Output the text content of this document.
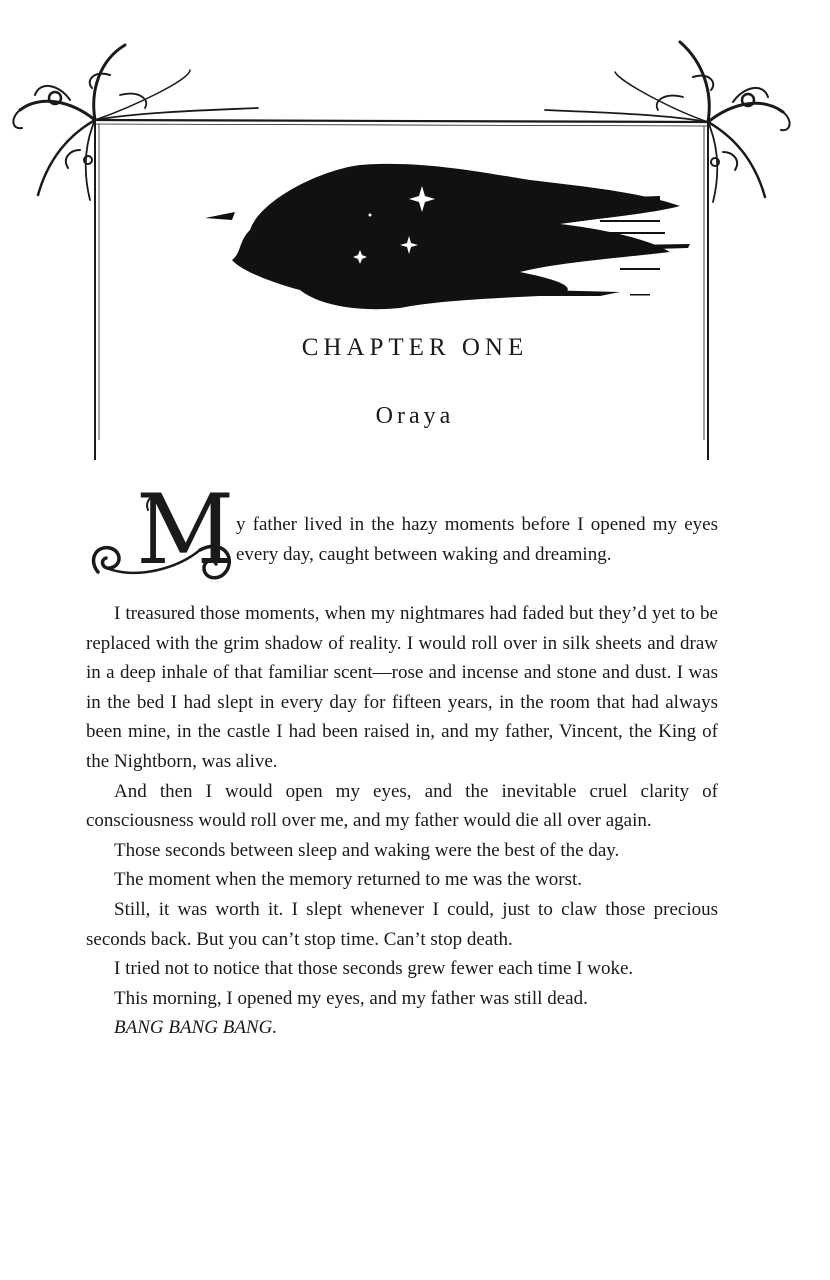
CHAPTER ONE
Oraya
M y father lived in the hazy moments before I opened my eyes every day, caught between waking and dreaming.

I treasured those moments, when my nightmares had faded but they’d yet to be replaced with the grim shadow of reality. I would roll over in silk sheets and draw in a deep inhale of that familiar scent—rose and incense and stone and dust. I was in the bed I had slept in every day for fifteen years, in the room that had always been mine, in the castle I had been raised in, and my father, Vincent, the King of the Nightborn, was alive.

And then I would open my eyes, and the inevitable cruel clarity of consciousness would roll over me, and my father would die all over again.

Those seconds between sleep and waking were the best of the day.

The moment when the memory returned to me was the worst.

Still, it was worth it. I slept whenever I could, just to claw those precious seconds back. But you can’t stop time. Can’t stop death.

I tried not to notice that those seconds grew fewer each time I woke.

This morning, I opened my eyes, and my father was still dead.

BANG BANG BANG.
